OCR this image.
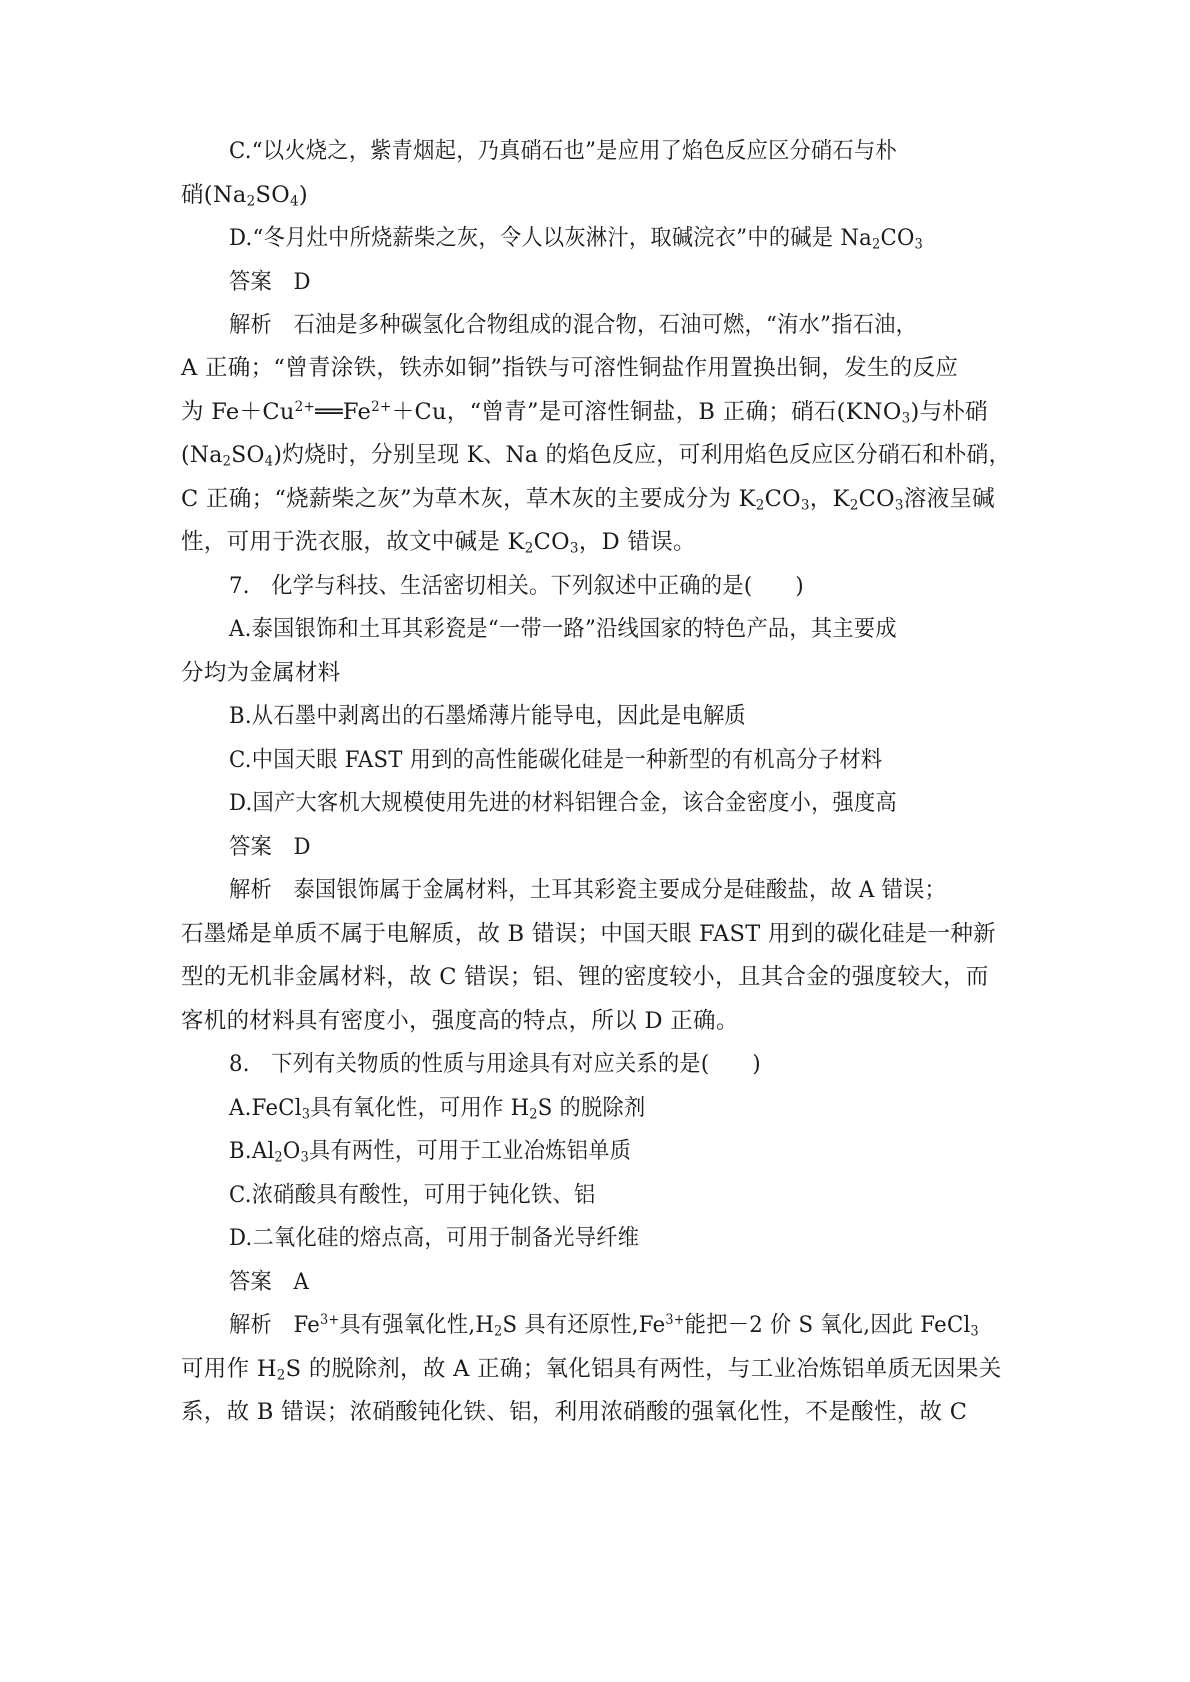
C.“以火烧之，紫青烟起，乃真硝石也”是应用了焰色反应区分硝石与朴
硝$(Na_2SO_4)$
D.“冬月灶中所烧薪柴之灰，令人以灰淋汁，取碱浣衣”中的碱是 $Na_2CO_3$
答案　D
解析　石油是多种碳氢化合物组成的混合物，石油可燃，“洧水”指石油，
A 正确；“曾青涂铁，铁赤如铜”指铁与可溶性铜盐作用置换出铜，发生的反应
为 $Fe+Cu^{2+}══Fe^{2+}+Cu$，“曾青”是可溶性铜盐，B 正确；硝石$(KNO_3)$与朴硝
$(Na_2SO_4)$灼烧时，分别呈现 K、Na 的焰色反应，可利用焰色反应区分硝石和朴硝，
C 正确；“烧薪柴之灰”为草木灰，草木灰的主要成分为 $K_2CO_3$，$K_2CO_3$溶液呈碱
性，可用于洗衣服，故文中碱是 $K_2CO_3$，D 错误。
7.　化学与科技、生活密切相关。下列叙述中正确的是(　　)
A.泰国银饰和土耳其彩瓷是“一带一路”沿线国家的特色产品，其主要成
分均为金属材料
B.从石墨中剥离出的石墨烯薄片能导电，因此是电解质
C.中国天眼 FAST 用到的高性能碳化硅是一种新型的有机高分子材料
D.国产大客机大规模使用先进的材料铝锂合金，该合金密度小，强度高
答案　D
解析　泰国银饰属于金属材料，土耳其彩瓷主要成分是硅酸盐，故 A 错误；
石墨烯是单质不属于电解质，故 B 错误；中国天眼 FAST 用到的碳化硅是一种新
型的无机非金属材料，故 C 错误；铝、锂的密度较小，且其合金的强度较大，而
客机的材料具有密度小，强度高的特点，所以 D 正确。
8.　下列有关物质的性质与用途具有对应关系的是(　　)
A.FeCl$_3$具有氧化性，可用作 $H_2S$ 的脱除剂
$B.Al_2O_3$具有两性，可用于工业冶炼铝单质
C.浓硝酸具有酸性，可用于钝化铁、铝
D.二氧化硅的熔点高，可用于制备光导纤维
答案　A
解析　$Fe^{3+}$具有强氧化性$,H_2S$ 具有还原性$,Fe^{3+}$能把－2 价 S 氧化,因此 FeCl$_3$
可用作 $H_2S$ 的脱除剂，故 A 正确；氧化铝具有两性，与工业冶炼铝单质无因果关
系，故 B 错误；浓硝酸钝化铁、铝，利用浓硝酸的强氧化性，不是酸性，故 C
